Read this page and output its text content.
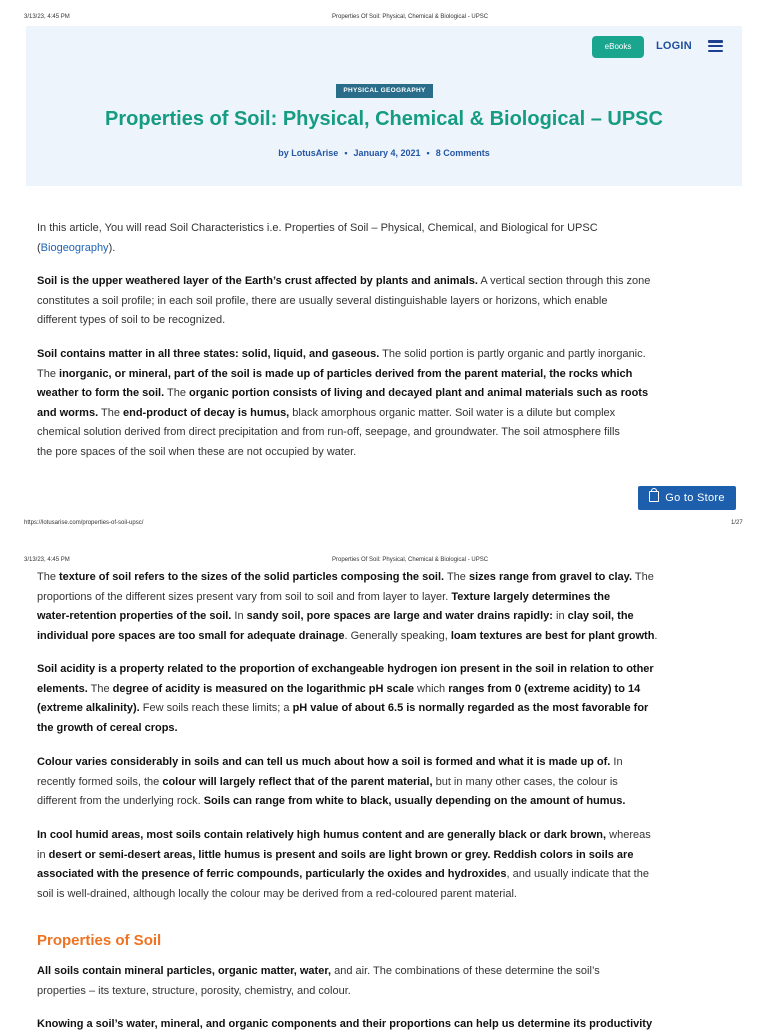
3/13/23, 4:45 PM	Properties Of Soil: Physical, Chemical & Biological - UPSC
eBooks	LOGIN
PHYSICAL GEOGRAPHY
Properties of Soil: Physical, Chemical & Biological – UPSC
by LotusArise • January 4, 2021 • 8 Comments

In this article, You will read Soil Characteristics i.e. Properties of Soil – Physical, Chemical, and Biological for UPSC

(Biogeography).

Soil is the upper weathered layer of the Earth’s crust affected by plants and animals. A vertical section through this zone

constitutes a soil profile; in each soil profile, there are usually several distinguishable layers or horizons, which enable

different types of soil to be recognized.

Soil contains matter in all three states: solid, liquid, and gaseous. The solid portion is partly organic and partly inorganic.

The inorganic, or mineral, part of the soil is made up of particles derived from the parent material, the rocks which

weather to form the soil. The organic portion consists of living and decayed plant and animal materials such as roots

and worms. The end-product of decay is humus, black amorphous organic matter. Soil water is a dilute but complex

chemical solution derived from direct precipitation and from run-off, seepage, and groundwater. The soil atmosphere fills

the pore spaces of the soil when these are not occupied by water.

Go to Store
https://lotusarise.com/properties-of-soil-upsc/	1/27
3/13/23, 4:45 PM	Properties Of Soil: Physical, Chemical & Biological - UPSC

The texture of soil refers to the sizes of the solid particles composing the soil. The sizes range from gravel to clay. The

proportions of the different sizes present vary from soil to soil and from layer to layer. Texture largely determines the

water-retention properties of the soil. In sandy soil, pore spaces are large and water drains rapidly: in clay soil, the

individual pore spaces are too small for adequate drainage. Generally speaking, loam textures are best for plant growth.

Soil acidity is a property related to the proportion of exchangeable hydrogen ion present in the soil in relation to other

elements. The degree of acidity is measured on the logarithmic pH scale which ranges from 0 (extreme acidity) to 14

(extreme alkalinity). Few soils reach these limits; a pH value of about 6.5 is normally regarded as the most favorable for

the growth of cereal crops.

Colour varies considerably in soils and can tell us much about how a soil is formed and what it is made up of. In

recently formed soils, the colour will largely reflect that of the parent material, but in many other cases, the colour is

different from the underlying rock. Soils can range from white to black, usually depending on the amount of humus.

In cool humid areas, most soils contain relatively high humus content and are generally black or dark brown, whereas

in desert or semi-desert areas, little humus is present and soils are light brown or grey. Reddish colors in soils are

associated with the presence of ferric compounds, particularly the oxides and hydroxides, and usually indicate that the

soil is well-drained, although locally the colour may be derived from a red-coloured parent material.

Properties of Soil

All soils contain mineral particles, organic matter, water, and air. The combinations of these determine the soil’s

properties – its texture, structure, porosity, chemistry, and colour.

Knowing a soil’s water, mineral, and organic components and their proportions can help us determine its productivity
